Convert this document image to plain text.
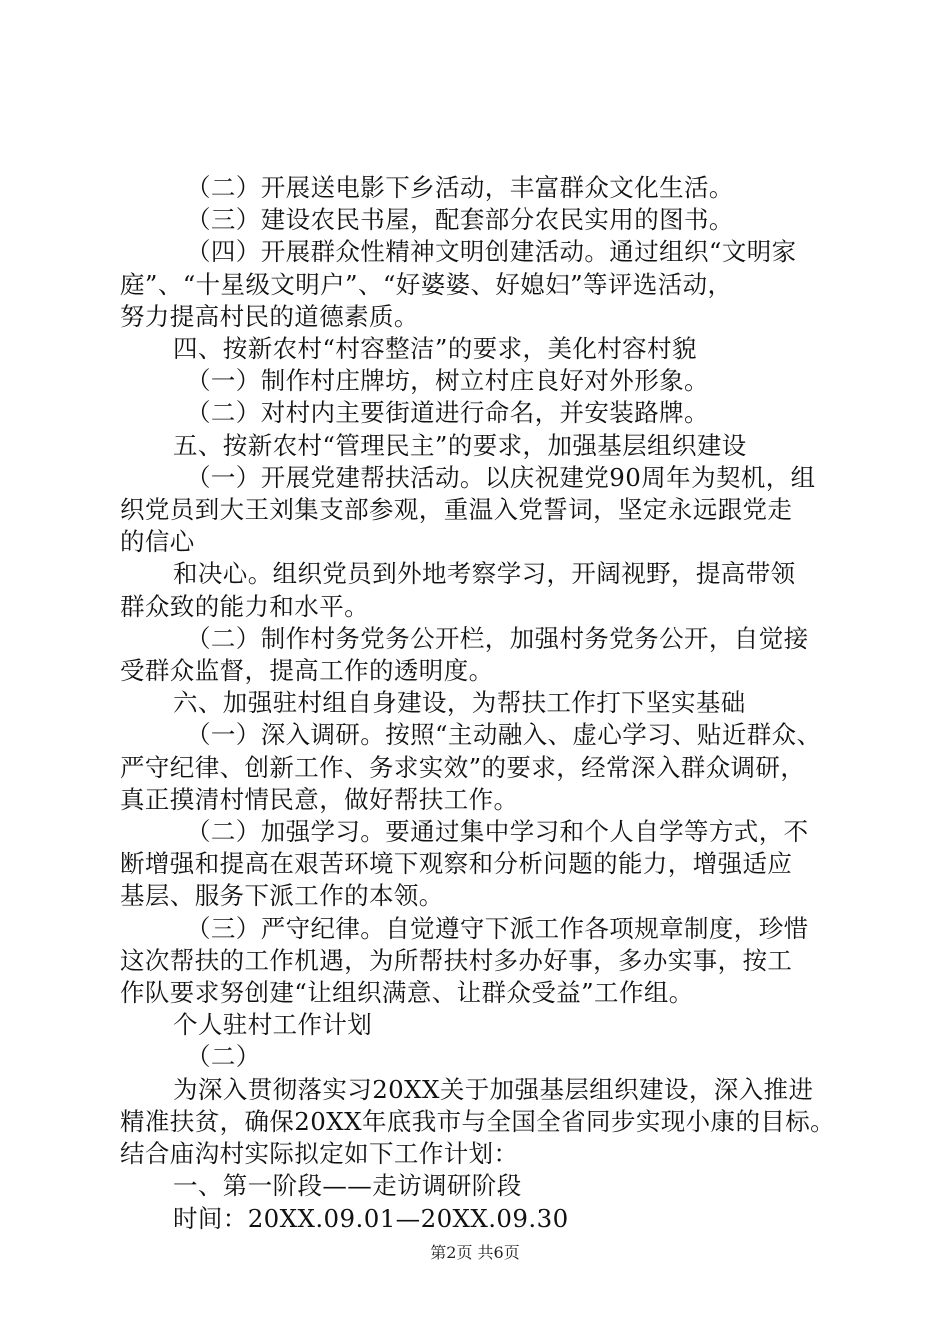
（二）开展送电影下乡活动，丰富群众文化生活。
（三）建设农民书屋，配套部分农民实用的图书。
（四）开展群众性精神文明创建活动。通过组织“文明家
庭”、“十星级文明户”、“好婆婆、好媳妇”等评选活动，
努力提高村民的道德素质。
四、按新农村“村容整洁”的要求，美化村容村貌
（一）制作村庄牌坊，树立村庄良好对外形象。
（二）对村内主要街道进行命名，并安装路牌。
五、按新农村“管理民主”的要求，加强基层组织建设
（一）开展党建帮扶活动。以庆祝建党90周年为契机，组
织党员到大王刘集支部参观，重温入党誓词，坚定永远跟党走
的信心
和决心。组织党员到外地考察学习，开阔视野，提高带领
群众致的能力和水平。
（二）制作村务党务公开栏，加强村务党务公开，自觉接
受群众监督，提高工作的透明度。
六、加强驻村组自身建设，为帮扶工作打下坚实基础
（一）深入调研。按照“主动融入、虚心学习、贴近群众、
严守纪律、创新工作、务求实效”的要求，经常深入群众调研，
真正摸清村情民意，做好帮扶工作。
（二）加强学习。要通过集中学习和个人自学等方式，不
断增强和提高在艰苦环境下观察和分析问题的能力，增强适应
基层、服务下派工作的本领。
（三）严守纪律。自觉遵守下派工作各项规章制度，珍惜
这次帮扶的工作机遇，为所帮扶村多办好事，多办实事，按工
作队要求努创建“让组织满意、让群众受益”工作组。
个人驻村工作计划
（二）
为深入贯彻落实习20XX关于加强基层组织建设，深入推进
精准扶贫，确保20XX年底我市与全国全省同步实现小康的目标。
结合庙沟村实际拟定如下工作计划：
一、第一阶段——走访调研阶段
时间：20XX.09.01—20XX.09.30
第2页 共6页
